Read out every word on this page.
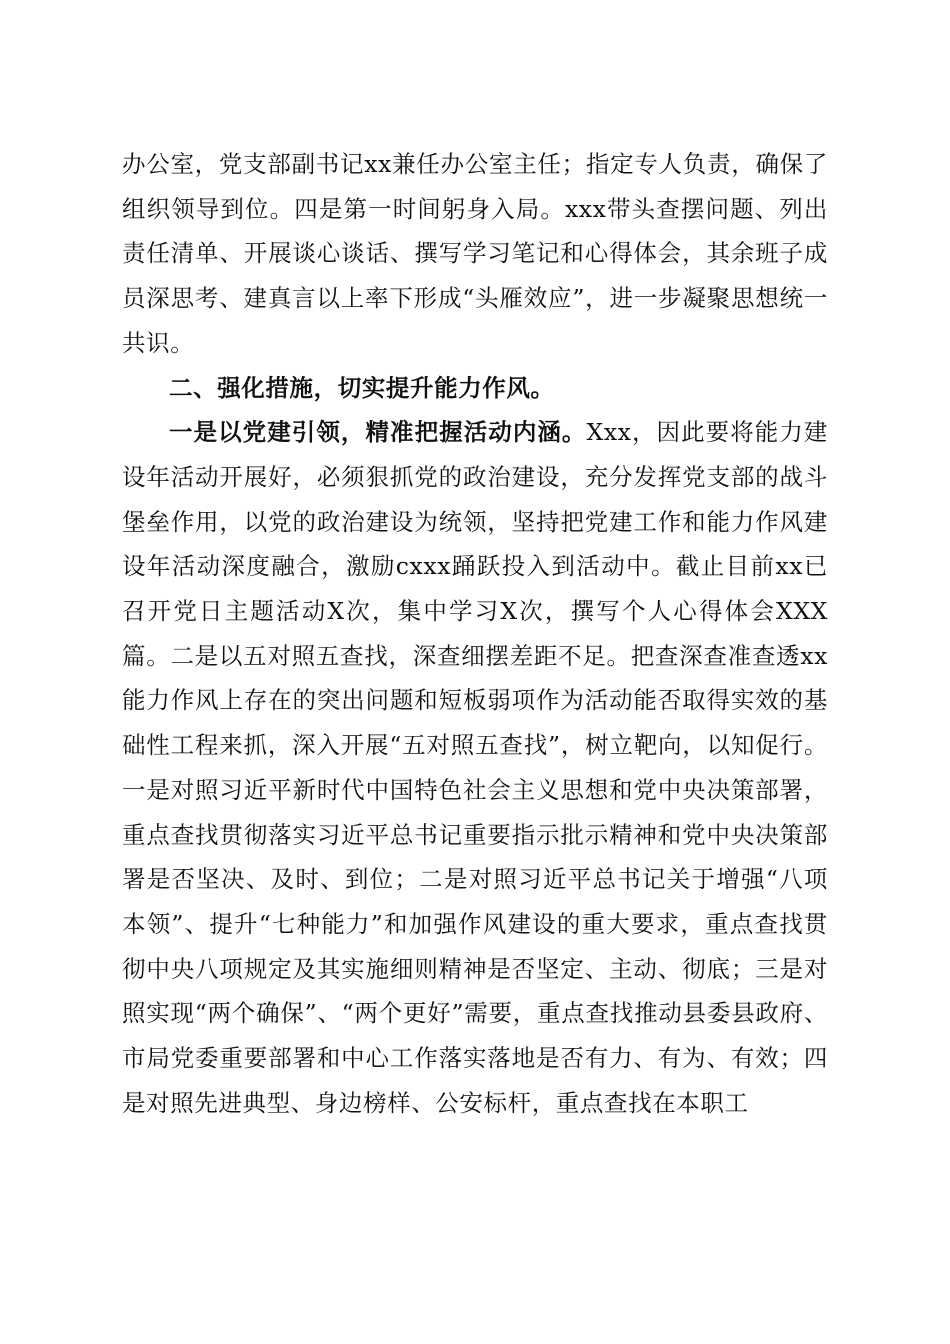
办公室，党支部副书记xx兼任办公室主任；指定专人负责，确保了组织领导到位。四是第一时间躬身入局。xxx带头查摆问题、列出责任清单、开展谈心谈话、撰写学习笔记和心得体会，其余班子成员深思考、建真言以上率下形成“头雁效应”，进一步凝聚思想统一共识。

二、强化措施，切实提升能力作风。

一是以党建引领，精准把握活动内涵。Xxx，因此要将能力建设年活动开展好，必须狠抓党的政治建设，充分发挥党支部的战斗堡垒作用，以党的政治建设为统领，坚持把党建工作和能力作风建设年活动深度融合，激励cxxx踊跃投入到活动中。截止目前xx已召开党日主题活动X次，集中学习X次，撰写个人心得体会XXX篇。二是以五对照五查找，深查细摆差距不足。把查深查准查透xx能力作风上存在的突出问题和短板弱项作为活动能否取得实效的基础性工程来抓，深入开展“五对照五查找”，树立靶向，以知促行。一是对照习近平新时代中国特色社会主义思想和党中央决策部署，重点查找贯彻落实习近平总书记重要指示批示精神和党中央决策部署是否坚决、及时、到位；二是对照习近平总书记关于增强“八项本领”、提升“七种能力”和加强作风建设的重大要求，重点查找贯彻中央八项规定及其实施细则精神是否坚定、主动、彻底；三是对照实现“两个确保”、“两个更好”需要，重点查找推动县委县政府、市局党委重要部署和中心工作落实落地是否有力、有为、有效；四是对照先进典型、身边榜样、公安标杆，重点查找在本职工
